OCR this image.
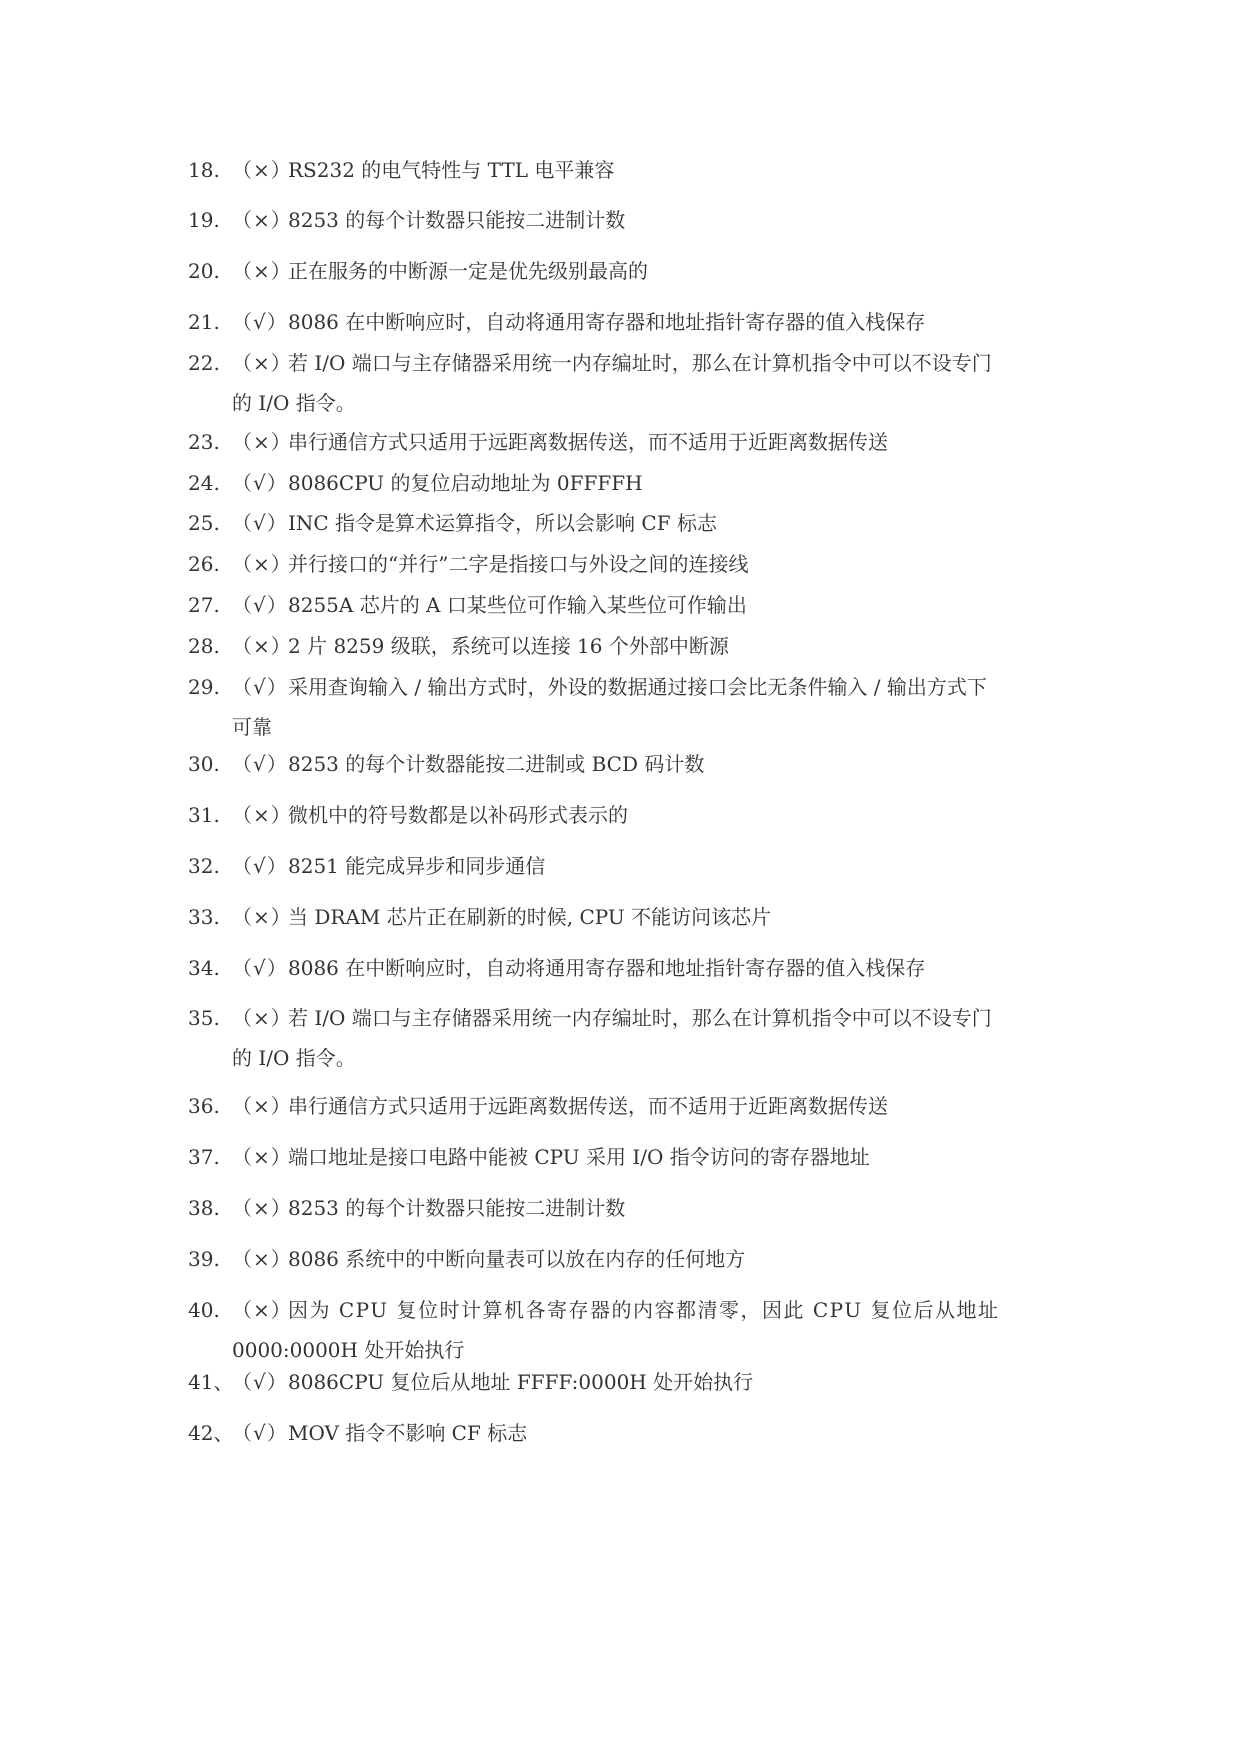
18. （×）
RS232 的电气特性与 TTL 电平兼容
19. （×）
8253 的每个计数器只能按二进制计数
20. （×）
正在服务的中断源一定是优先级别最高的
21. （√） 8086 在中断响应时，自动将通用寄存器和地址指针寄存器的值入栈保存
22. （×）
若 I/O 端口与主存储器采用统一内存编址时，那么在计算机指令中可以不设专门
的 I/O 指令。
23. （×）
串行通信方式只适用于远距离数据传送，而不适用于近距离数据传送
24. （√） 8086CPU 的复位启动地址为 0FFFFH
25. （√） INC 指令是算术运算指令，所以会影响 CF 标志
26. （×）
并行接口的“并行”二字是指接口与外设之间的连接线
27. （√） 8255A 芯片的 A 口某些位可作输入某些位可作输出
28. （×）
2 片 8259 级联，系统可以连接 16 个外部中断源
29. （√） 采用查询输入 / 输出方式时，外设的数据通过接口会比无条件输入 / 输出方式下
可靠
30. （√） 8253 的每个计数器能按二进制或 BCD 码计数
31. （×）
微机中的符号数都是以补码形式表示的
32. （√） 8251 能完成异步和同步通信
33. （×）
当 DRAM 芯片正在刷新的时候, CPU 不能访问该芯片
34. （√） 8086 在中断响应时，自动将通用寄存器和地址指针寄存器的值入栈保存
35. （×）
若 I/O 端口与主存储器采用统一内存编址时，那么在计算机指令中可以不设专门
的 I/O 指令。
36. （×）
串行通信方式只适用于远距离数据传送，而不适用于近距离数据传送
37. （×）
端口地址是接口电路中能被 CPU 采用 I/O 指令访问的寄存器地址
38. （×）
8253 的每个计数器只能按二进制计数
39. （×）
8086 系统中的中断向量表可以放在内存的任何地方
40. （×）
因为 CPU 复位时计算机各寄存器的内容都清零，因此 CPU 复位后从地址
0000:0000H 处开始执行
41、
（√） 8086CPU 复位后从地址 FFFF:0000H 处开始执行
42、
（√） MOV 指令不影响 CF 标志
